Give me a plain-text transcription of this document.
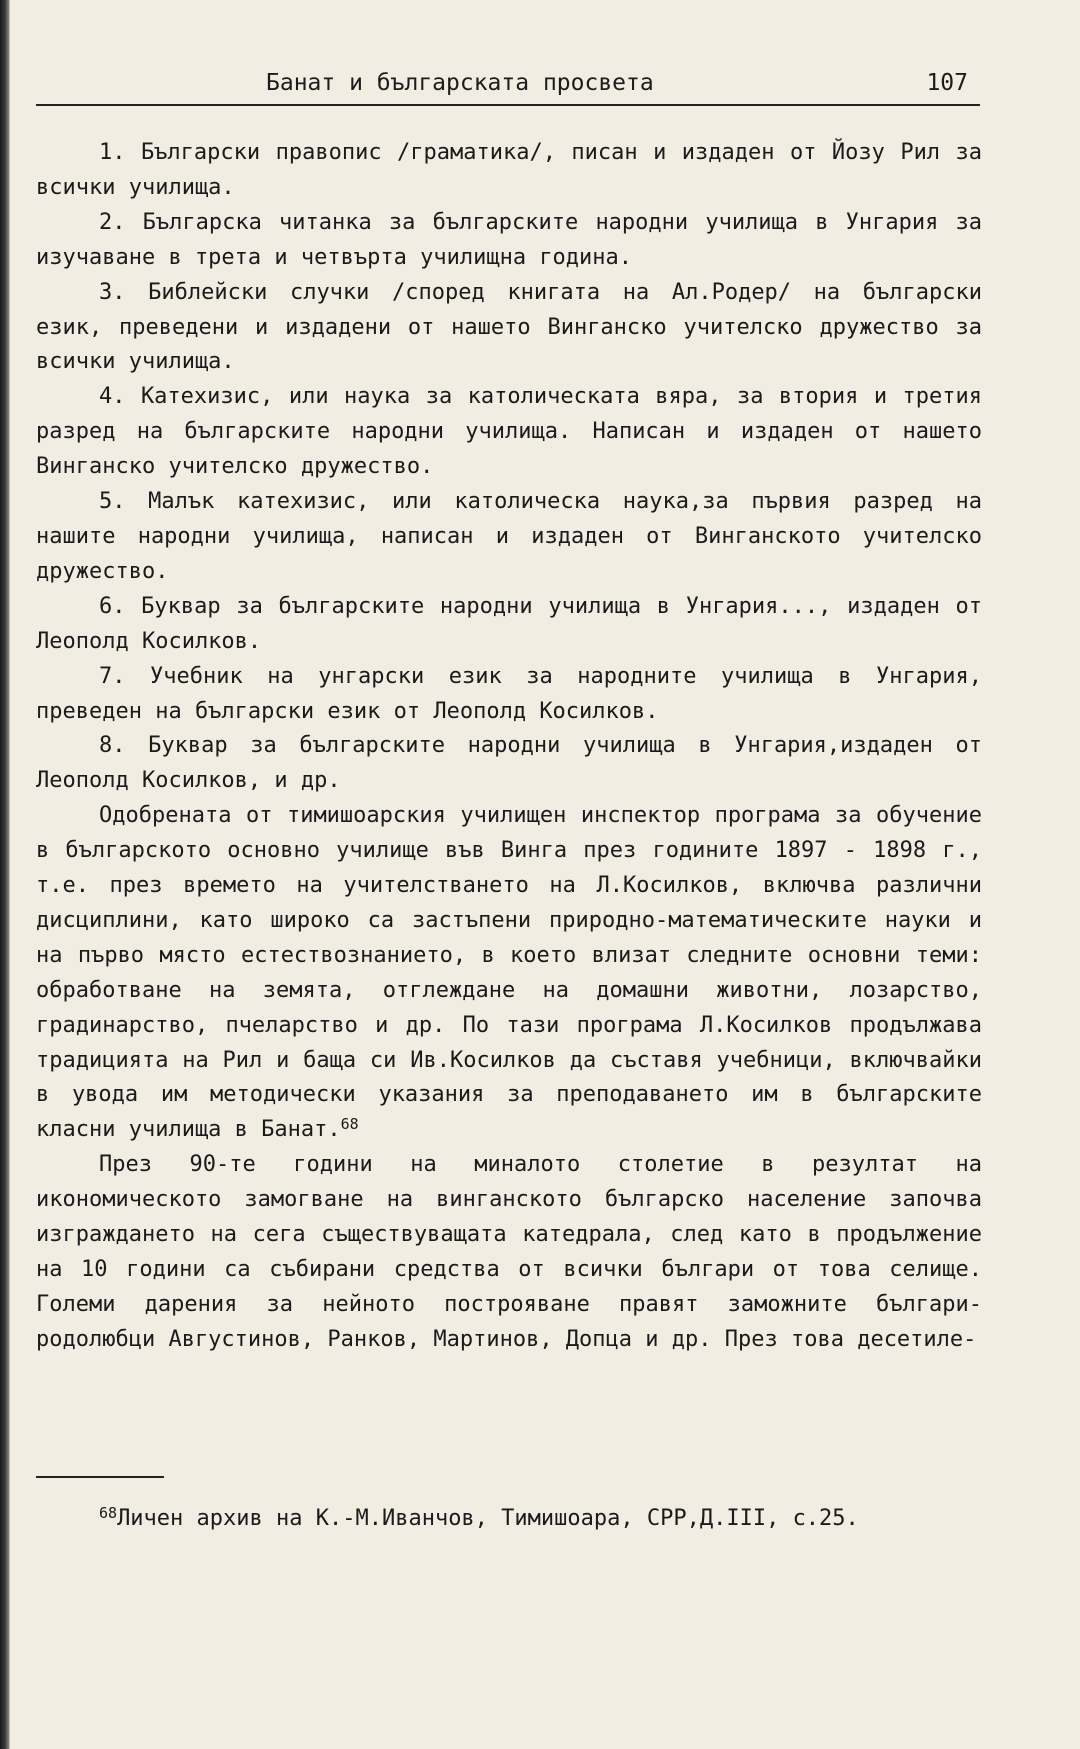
Банат и българската просвета	107

1. Български правопис /граматика/, писан и издаден от Йозу Рил за всички училища.

2. Българска читанка за българските народни училища в Унгария за изучаване в трета и четвърта училищна година.

3. Библейски случки /според книгата на Ал.Родер/ на български език, преведени и издадени от нашето Винганско учителско дружество за всички училища.

4. Катехизис, или наука за католическата вяра, за втория и третия разред на българските народни училища. Написан и издаден от нашето Винганско учителско дружество.

5. Малък катехизис, или католическа наука,за първия разред на нашите народни училища, написан и издаден от Винганското учителско дружество.

6. Буквар за българските народни училища в Унгария..., издаден от Леополд Косилков.

7. Учебник на унгарски език за народните училища в Унгария, преведен на български език от Леополд Косилков.

8. Буквар за българските народни училища в Унгария,издаден от Леополд Косилков, и др.

Одобрената от тимишоарския училищен инспектор програма за обучение в българското основно училище във Винга през годините 1897 - 1898 г., т.е. през времето на учителстването на Л.Косилков, включва различни дисциплини, като широко са застъпени природно-математическите науки и на първо място естествознанието, в което влизат следните основни теми: обработване на земята, отглеждане на домашни животни, лозарство, градинарство, пчеларство и др. По тази програма Л.Косилков продължава традицията на Рил и баща си Ив.Косилков да съставя учебници, включвайки в увода им методически указания за преподаването им в българските класни училища в Банат.$^{68}$

През 90-те години на миналото столетие в резултат на икономическото замогване на винганското българско население започва изграждането на сега съществуващата катедрала, след като в продължение на 10 години са събирани средства от всички българи от това селище. Големи дарения за нейното построяване правят заможните българи-родолюбци Августинов, Ранков, Мартинов, Допца и др. През това десетиле-

$^{68}$Личен архив на К.-М.Иванчов, Тимишоара, СРР,Д.III, с.25.
